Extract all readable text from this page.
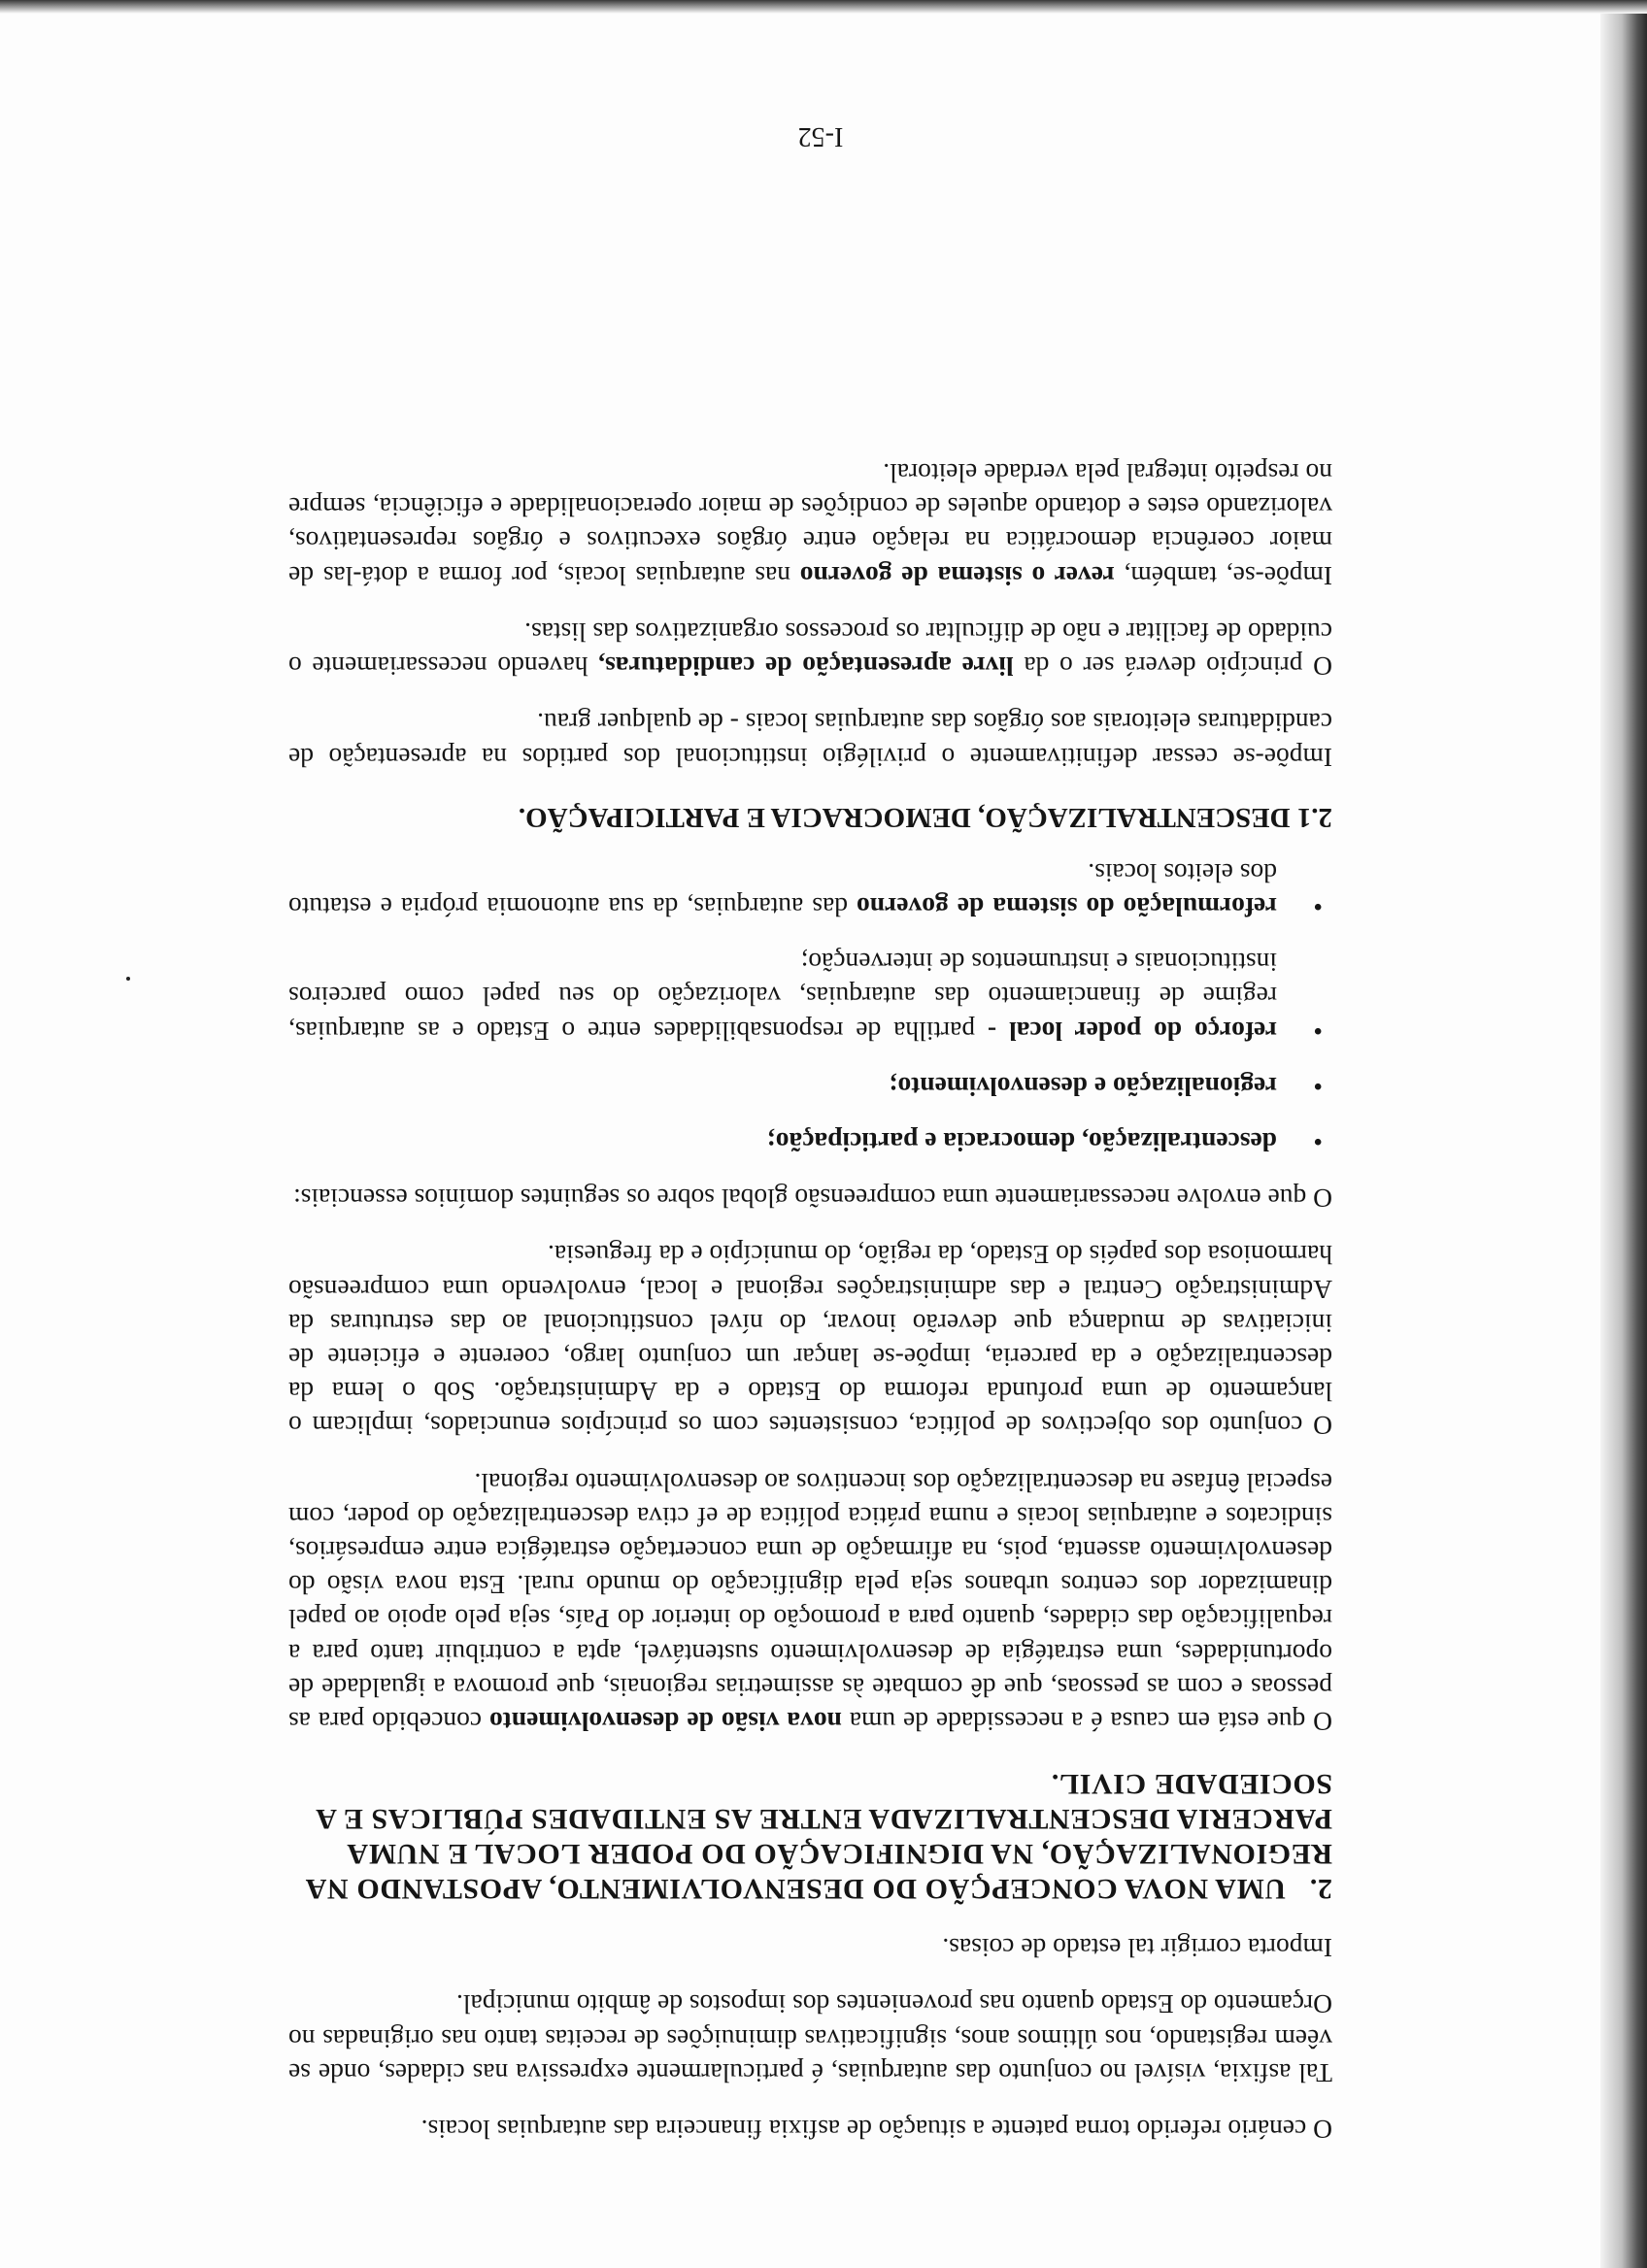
O cenário referido torna patente a situação de asfixia financeira das autarquias locais.

Tal asfixia, visível no conjunto das autarquias, é particularmente expressiva nas cidades, onde se vêem registando, nos últimos anos, significativas diminuições de receitas tanto nas originadas no Orçamento do Estado quanto nas provenientes dos impostos de âmbito municipal.

Importa corrigir tal estado de coisas.

2.UMA NOVA CONCEPÇÃO DO DESENVOLVIMENTO, APOSTANDO NA REGIONALIZAÇÃO, NA DIGNIFICAÇÃO DO PODER LOCAL E NUMA PARCERIA DESCENTRALIZADA ENTRE AS ENTIDADES PÚBLICAS E A SOCIEDADE CIVIL.

O que está em causa é a necessidade de uma nova visão de desenvolvimento concebido para as pessoas e com as pessoas, que dê combate às assimetrias regionais, que promova a igualdade de oportunidades, uma estratégia de desenvolvimento sustentável, apta a contribuir tanto para a requalificação das cidades, quanto para a promoção do interior do País, seja pelo apoio ao papel dinamizador dos centros urbanos seja pela dignificação do mundo rural. Esta nova visão do desenvolvimento assenta, pois, na afirmação de uma concertação estratégica entre empresários, sindicatos e autarquias locais e numa prática política de ef ctiva descentralização do poder, com especial ênfase na descentralização dos incentivos ao desenvolvimento regional.

O conjunto dos objectivos de política, consistentes com os princípios enunciados, implicam o lançamento de uma profunda reforma do Estado e da Administração. Sob o lema da descentralização e da parceria, impõe-se lançar um conjunto largo, coerente e eficiente de iniciativas de mudança que deverão inovar, do nível constitucional ao das estruturas da Administração Central e das administrações regional e local, envolvendo uma compreensão harmoniosa dos papéis do Estado, da região, do município e da freguesia.

O que envolve necessariamente uma compreensão global sobre os seguintes domínios essenciais:

•
descentralização, democracia e participação;
•
regionalização e desenvolvimento;
•
reforço do poder local - partilha de responsabilidades entre o Estado e as autarquias, regime de financiamento das autarquias, valorização do seu papel como parceiros institucionais e instrumentos de intervenção;
•
reformulação do sistema de governo das autarquias, da sua autonomia própria e estatuto dos eleitos locais.
2.1 DESCENTRALIZAÇÃO, DEMOCRACIA E PARTICIPAÇÃO.

Impõe-se cessar definitivamente o privilégio institucional dos partidos na apresentação de candidaturas eleitorais aos órgãos das autarquias locais - de qualquer grau.

O princípio deverá ser o da livre apresentação de candidaturas, havendo necessariamente o cuidado de facilitar e não de dificultar os processos organizativos das listas.

Impõe-se, também, rever o sistema de governo nas autarquias locais, por forma a dotá-las de maior coerência democrática na relação entre órgãos executivos e órgãos representativos, valorizando estes e dotando aqueles de condições de maior operacionalidade e eficiência, sempre no respeito integral pela verdade eleitoral.

I-52
